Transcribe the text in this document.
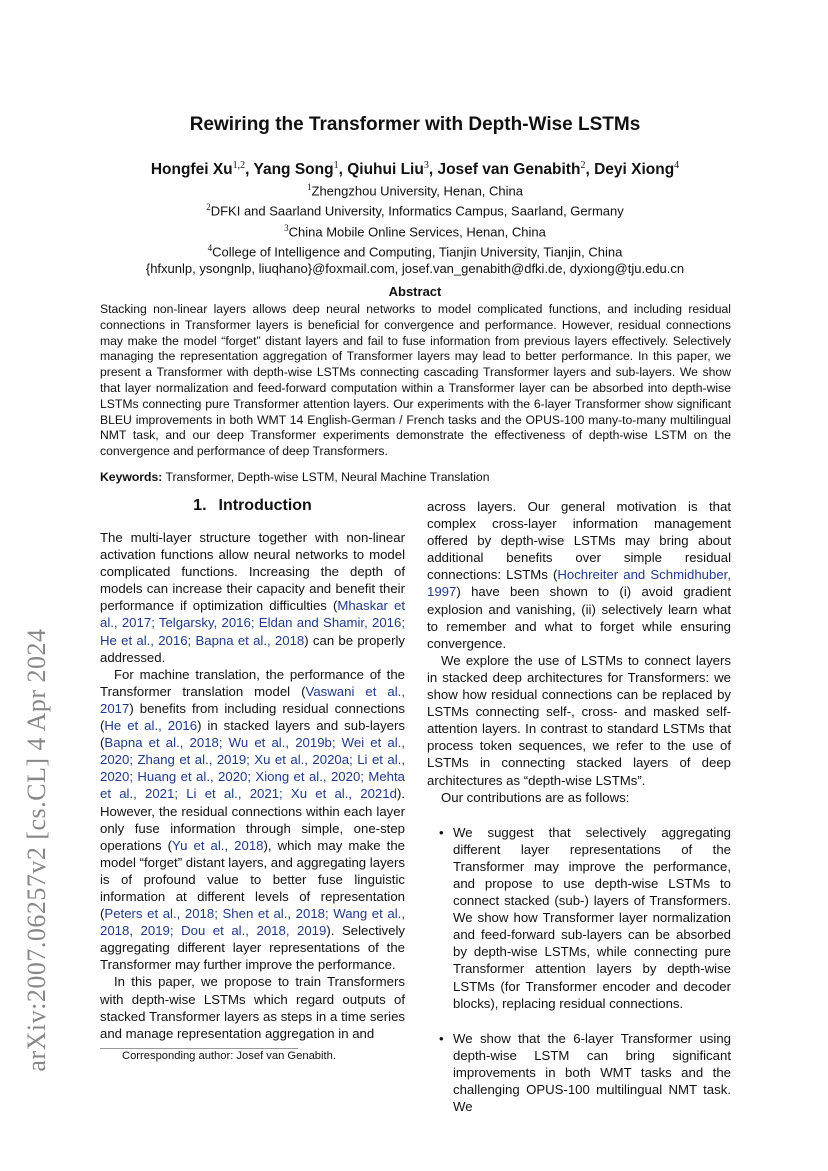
arXiv:2007.06257v2 [cs.CL] 4 Apr 2024
Rewiring the Transformer with Depth-Wise LSTMs
Hongfei Xu$^{1,2}$, Yang Song$^1$, Qiuhui Liu$^3$, Josef van Genabith$^2$, Deyi Xiong$^4$
$^1$Zhengzhou University, Henan, China
$^2$DFKI and Saarland University, Informatics Campus, Saarland, Germany
$^3$China Mobile Online Services, Henan, China
$^4$College of Intelligence and Computing, Tianjin University, Tianjin, China
{hfxunlp, ysongnlp, liuqhano}@foxmail.com, josef.van_genabith@dfki.de, dyxiong@tju.edu.cn
Abstract
Stacking non-linear layers allows deep neural networks to model complicated functions, and including residual connections in Transformer layers is beneficial for convergence and performance. However, residual connections may make the model “forget” distant layers and fail to fuse information from previous layers effectively. Selectively managing the representation aggregation of Transformer layers may lead to better performance. In this paper, we present a Transformer with depth-wise LSTMs connecting cascading Transformer layers and sub-layers. We show that layer normalization and feed-forward computation within a Transformer layer can be absorbed into depth-wise LSTMs connecting pure Transformer attention layers. Our experiments with the 6-layer Transformer show significant BLEU improvements in both WMT 14 English-German / French tasks and the OPUS-100 many-to-many multilingual NMT task, and our deep Transformer experiments demonstrate the effectiveness of depth-wise LSTM on the convergence and performance of deep Transformers.
Keywords: Transformer, Depth-wise LSTM, Neural Machine Translation
1. Introduction

The multi-layer structure together with non-linear activation functions allow neural networks to model complicated functions. Increasing the depth of models can increase their capacity and benefit their performance if optimization difficulties (Mhaskar et al., 2017; Telgarsky, 2016; Eldan and Shamir, 2016; He et al., 2016; Bapna et al., 2018) can be properly addressed.

For machine translation, the performance of the Transformer translation model (Vaswani et al., 2017) benefits from including residual connections (He et al., 2016) in stacked layers and sub-layers (Bapna et al., 2018; Wu et al., 2019b; Wei et al., 2020; Zhang et al., 2019; Xu et al., 2020a; Li et al., 2020; Huang et al., 2020; Xiong et al., 2020; Mehta et al., 2021; Li et al., 2021; Xu et al., 2021d). However, the residual connections within each layer only fuse information through simple, one-step operations (Yu et al., 2018), which may make the model “forget” distant layers, and aggregating layers is of profound value to better fuse linguistic information at different levels of representation (Peters et al., 2018; Shen et al., 2018; Wang et al., 2018, 2019; Dou et al., 2018, 2019). Selectively aggregating different layer representations of the Transformer may further improve the performance.

In this paper, we propose to train Transformers with depth-wise LSTMs which regard outputs of stacked Transformer layers as steps in a time series and manage representation aggregation in and

across layers. Our general motivation is that complex cross-layer information management offered by depth-wise LSTMs may bring about additional benefits over simple residual connections: LSTMs (Hochreiter and Schmidhuber, 1997) have been shown to (i) avoid gradient explosion and vanishing, (ii) selectively learn what to remember and what to forget while ensuring convergence.

We explore the use of LSTMs to connect layers in stacked deep architectures for Transformers: we show how residual connections can be replaced by LSTMs connecting self-, cross- and masked self-attention layers. In contrast to standard LSTMs that process token sequences, we refer to the use of LSTMs in connecting stacked layers of deep architectures as “depth-wise LSTMs”.

Our contributions are as follows:

• We suggest that selectively aggregating different layer representations of the Transformer may improve the performance, and propose to use depth-wise LSTMs to connect stacked (sub-) layers of Transformers. We show how Transformer layer normalization and feed-forward sub-layers can be absorbed by depth-wise LSTMs, while connecting pure Transformer attention layers by depth-wise LSTMs (for Transformer encoder and decoder blocks), replacing residual connections.
• We show that the 6-layer Transformer using depth-wise LSTM can bring significant improvements in both WMT tasks and the challenging OPUS-100 multilingual NMT task. We
Corresponding author: Josef van Genabith.
